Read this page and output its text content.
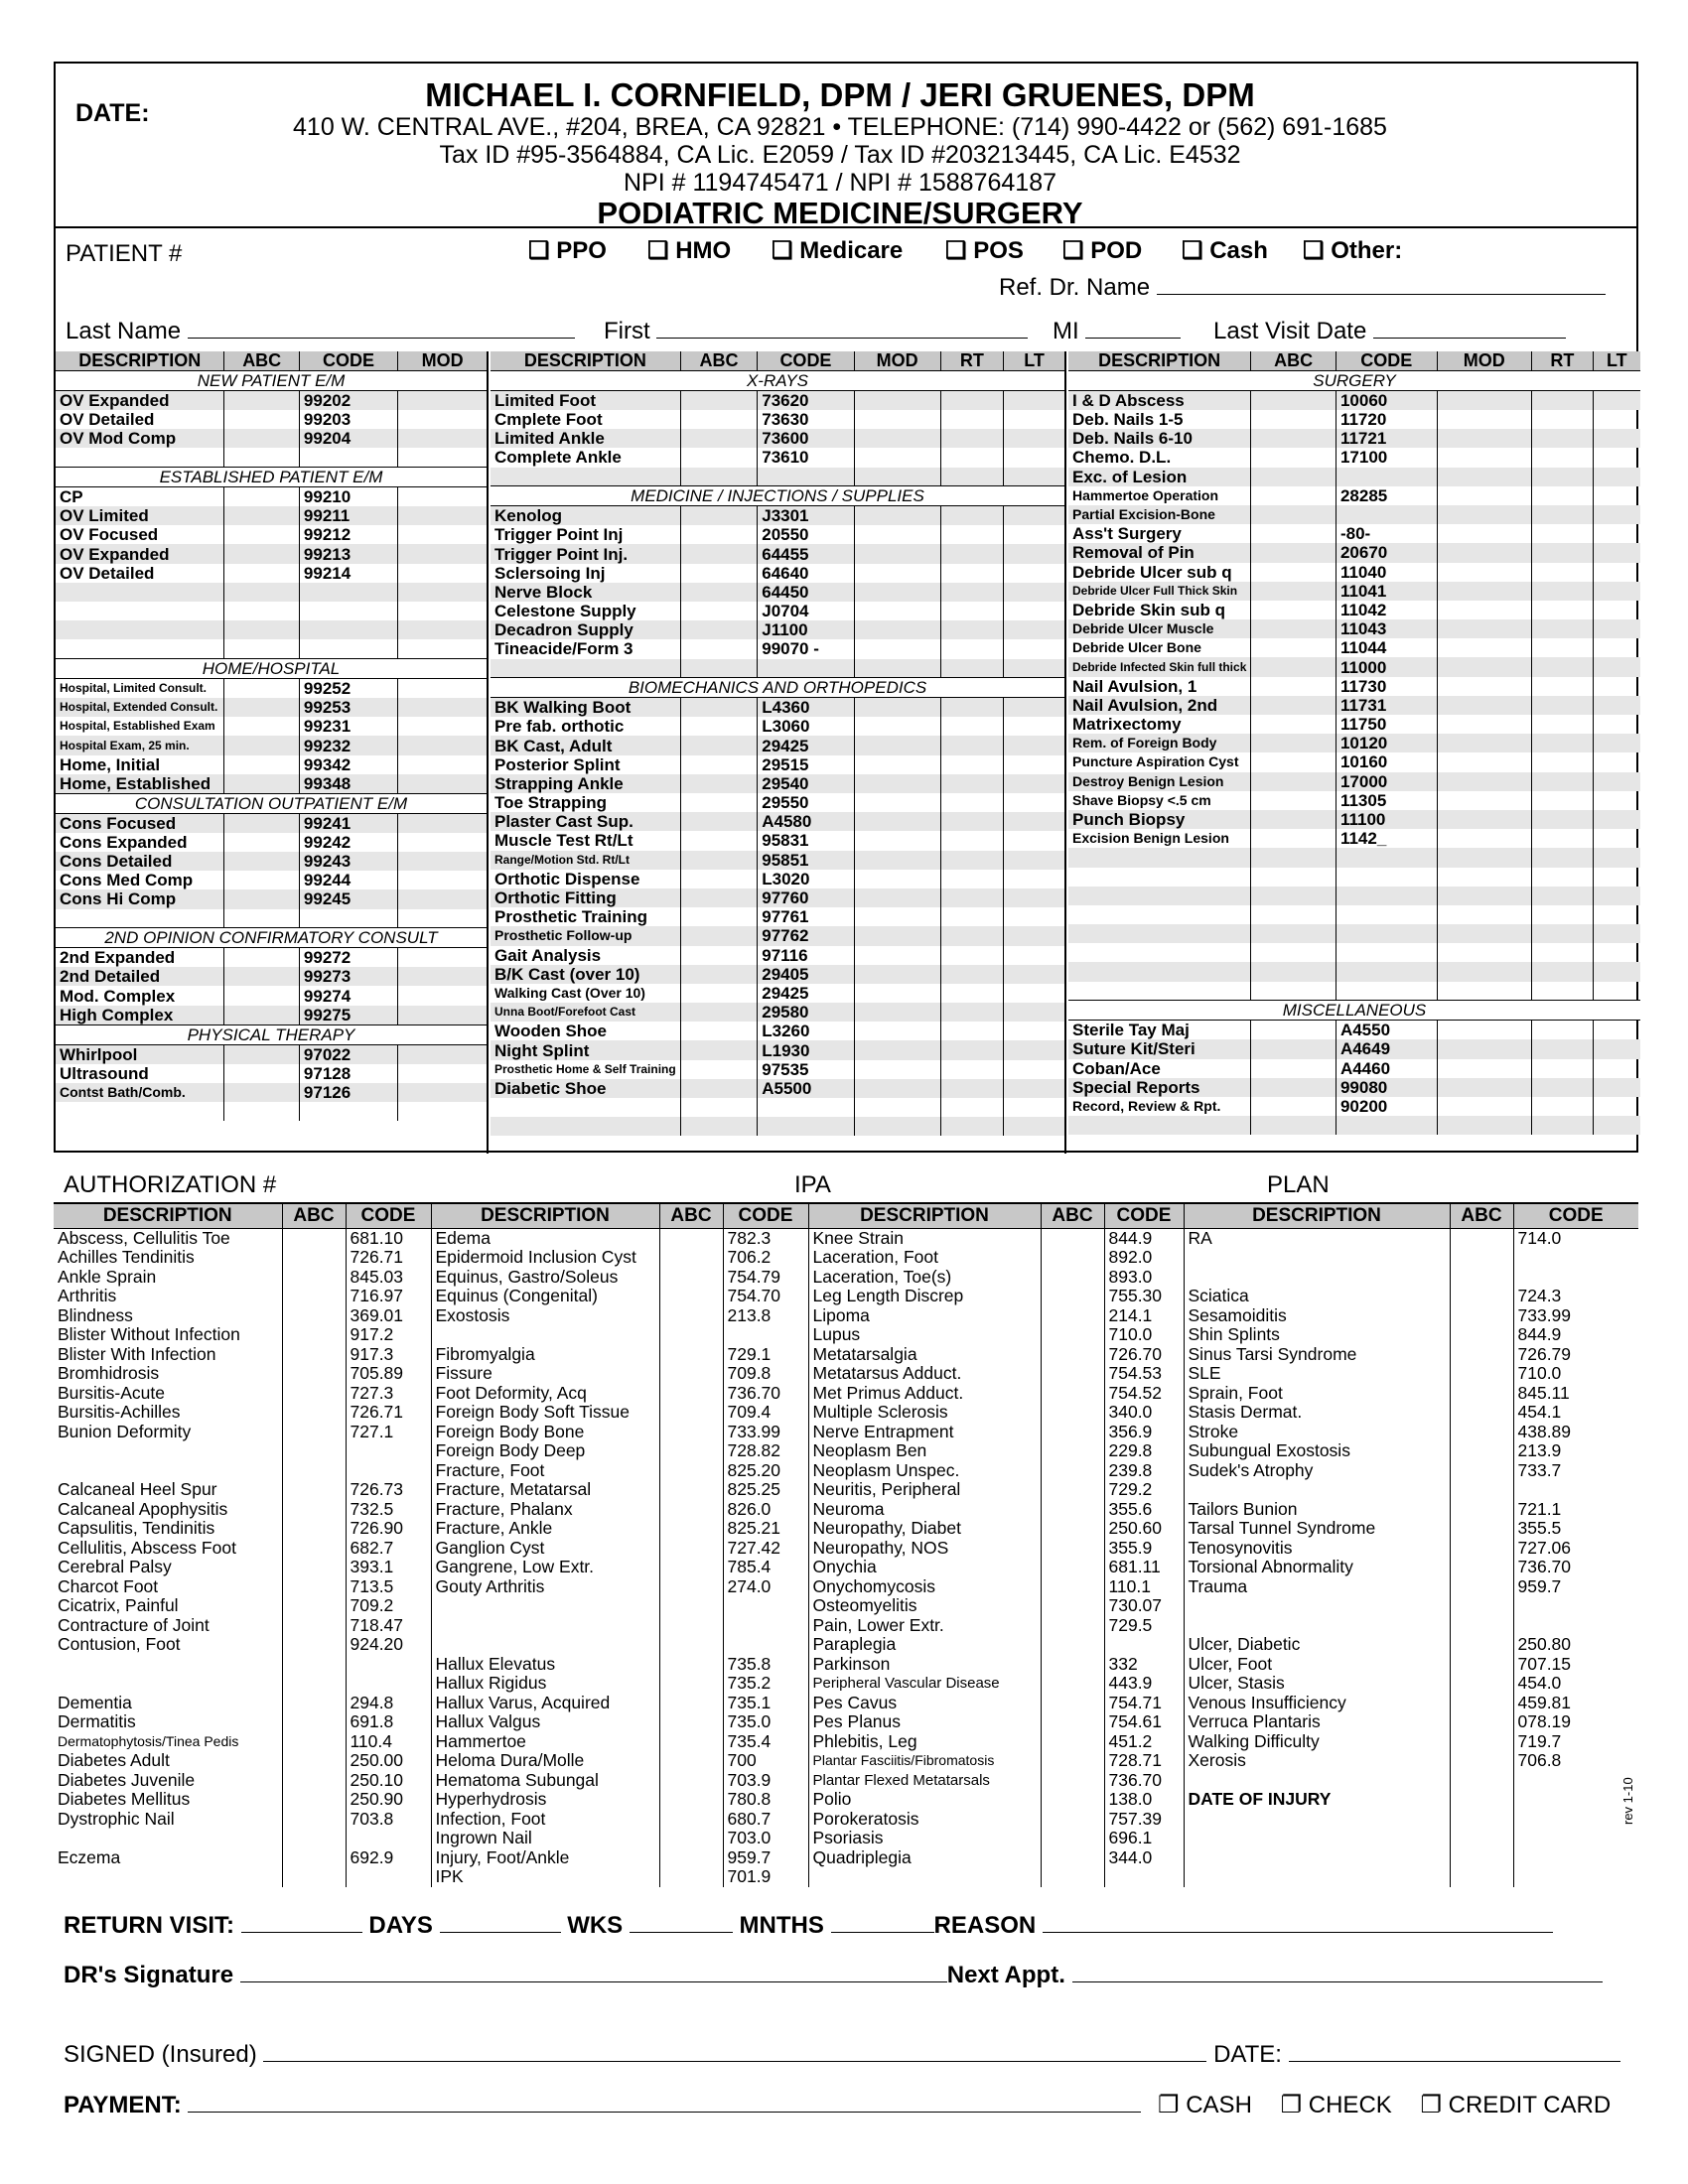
DATE:	MICHAEL I. CORNFIELD, DPM / JERI GRUENES, DPM
410 W. CENTRAL AVE., #204, BREA, CA 92821 • TELEPHONE: (714) 990-4422 or (562) 691-1685
Tax ID #95-3564884, CA Lic. E2059 / Tax ID #203213445, CA Lic. E4532
NPI # 1194745471 / NPI # 1588764187
PODIATRIC MEDICINE/SURGERY
PATIENT #	❑ PPO ❑ HMO ❑ Medicare ❑ POS ❑ POD ❑ Cash ❑ Other:
Ref. Dr. Name
Last Name	First	MI	Last Visit Date
DESCRIPTION	ABC	CODE	MOD
NEW PATIENT E/M			
OV Expanded		99202	
OV Detailed		99203	
OV Mod Comp		99204	

ESTABLISHED PATIENT E/M			
CP		99210	
OV Limited		99211	
OV Focused		99212	
OV Expanded		99213	
OV Detailed		99214	

HOME/HOSPITAL			
Hospital, Limited Consult.		99252	
Hospital, Extended Consult.		99253	
Hospital, Established Exam		99231	
Hospital Exam, 25 min.		99232	
Home, Initial		99342	
Home, Established		99348	
CONSULTATION OUTPATIENT E/M			
Cons Focused		99241	
Cons Expanded		99242	
Cons Detailed		99243	
Cons Med Comp		99244	
Cons Hi Comp		99245	

2ND OPINION CONFIRMATORY CONSULT			
2nd Expanded		99272	
2nd Detailed		99273	
Mod. Complex		99274	
High Complex		99275	
PHYSICAL THERAPY			
Whirlpool		97022	
Ultrasound		97128	
Contst Bath/Comb.		97126	

DESCRIPTION	ABC	CODE	MOD	RT	LT
X-RAYS					
Limited Foot		73620			
Cmplete Foot		73630			
Limited Ankle		73600			
Complete Ankle		73610			

MEDICINE / INJECTIONS / SUPPLIES					
Kenolog		J3301			
Trigger Point Inj		20550			
Trigger Point Inj.		64455			
Sclersoing Inj		64640			
Nerve Block		64450			
Celestone Supply		J0704			
Decadron Supply		J1100			
Tineacide/Form 3		99070 -			

BIOMECHANICS AND ORTHOPEDICS					
BK Walking Boot		L4360			
Pre fab. orthotic		L3060			
BK Cast, Adult		29425			
Posterior Splint		29515			
Strapping Ankle		29540			
Toe Strapping		29550			
Plaster Cast Sup.		A4580			
Muscle Test Rt/Lt		95831			
Range/Motion Std. Rt/Lt		95851			
Orthotic Dispense		L3020			
Orthotic Fitting		97760			
Prosthetic Training		97761			
Prosthetic Follow-up		97762			
Gait Analysis		97116			
B/K Cast (over 10)		29405			
Walking Cast (Over 10)		29425			
Unna Boot/Forefoot Cast		29580			
Wooden Shoe		L3260			
Night Splint		L1930			
Prosthetic Home & Self Training		97535			
Diabetic Shoe		A5500			

DESCRIPTION	ABC	CODE	MOD	RT	LT
SURGERY					
I & D Abscess		10060			
Deb. Nails 1-5		11720			
Deb. Nails 6-10		11721			
Chemo. D.L.		17100			
Exc. of Lesion					
Hammertoe Operation		28285			
Partial Excision-Bone					
Ass't Surgery		-80-			
Removal of Pin		20670			
Debride Ulcer sub q		11040			
Debride Ulcer Full Thick Skin		11041			
Debride Skin sub q		11042			
Debride Ulcer Muscle		11043			
Debride Ulcer Bone		11044			
Debride Infected Skin full thick		11000			
Nail Avulsion, 1		11730			
Nail Avulsion, 2nd		11731			
Matrixectomy		11750			
Rem. of Foreign Body		10120			
Puncture Aspiration Cyst		10160			
Destroy Benign Lesion		17000			
Shave Biopsy <.5 cm		11305			
Punch Biopsy		11100			
Excision Benign Lesion		1142_			

MISCELLANEOUS					
Sterile Tay Maj		A4550			
Suture Kit/Steri		A4649			
Coban/Ace		A4460			
Special Reports		99080			
Record, Review & Rpt.		90200			

AUTHORIZATION #	IPA	PLAN
DESCRIPTION	ABC	CODE	DESCRIPTION	ABC	CODE	DESCRIPTION	ABC	CODE	DESCRIPTION	ABC	CODE
Abscess, Cellulitis Toe		681.10	Edema		782.3	Knee Strain		844.9	RA		714.0
Achilles Tendinitis		726.71	Epidermoid Inclusion Cyst		706.2	Laceration, Foot		892.0			
Ankle Sprain		845.03	Equinus, Gastro/Soleus		754.79	Laceration, Toe(s)		893.0			
Arthritis		716.97	Equinus (Congenital)		754.70	Leg Length Discrep		755.30	Sciatica		724.3
Blindness		369.01	Exostosis		213.8	Lipoma		214.1	Sesamoiditis		733.99
Blister Without Infection		917.2				Lupus		710.0	Shin Splints		844.9
Blister With Infection		917.3	Fibromyalgia		729.1	Metatarsalgia		726.70	Sinus Tarsi Syndrome		726.79
Bromhidrosis		705.89	Fissure		709.8	Metatarsus Adduct.		754.53	SLE		710.0
Bursitis-Acute		727.3	Foot Deformity, Acq		736.70	Met Primus Adduct.		754.52	Sprain, Foot		845.11
Bursitis-Achilles		726.71	Foreign Body Soft Tissue		709.4	Multiple Sclerosis		340.0	Stasis Dermat.		454.1
Bunion Deformity		727.1	Foreign Body Bone		733.99	Nerve Entrapment		356.9	Stroke		438.89
			Foreign Body Deep		728.82	Neoplasm Ben		229.8	Subungual Exostosis		213.9
			Fracture, Foot		825.20	Neoplasm Unspec.		239.8	Sudek's Atrophy		733.7
Calcaneal Heel Spur		726.73	Fracture, Metatarsal		825.25	Neuritis, Peripheral		729.2			
Calcaneal Apophysitis		732.5	Fracture, Phalanx		826.0	Neuroma		355.6	Tailors Bunion		721.1
Capsulitis, Tendinitis		726.90	Fracture, Ankle		825.21	Neuropathy, Diabet		250.60	Tarsal Tunnel Syndrome		355.5
Cellulitis, Abscess Foot		682.7	Ganglion Cyst		727.42	Neuropathy, NOS		355.9	Tenosynovitis		727.06
Cerebral Palsy		393.1	Gangrene, Low Extr.		785.4	Onychia		681.11	Torsional Abnormality		736.70
Charcot Foot		713.5	Gouty Arthritis		274.0	Onychomycosis		110.1	Trauma		959.7
Cicatrix, Painful		709.2				Osteomyelitis		730.07			
Contracture of Joint		718.47				Pain, Lower Extr.		729.5			
Contusion, Foot		924.20				Paraplegia			Ulcer, Diabetic		250.80
			Hallux Elevatus		735.8	Parkinson		332	Ulcer, Foot		707.15
			Hallux Rigidus		735.2	Peripheral Vascular Disease		443.9	Ulcer, Stasis		454.0
Dementia		294.8	Hallux Varus, Acquired		735.1	Pes Cavus		754.71	Venous Insufficiency		459.81
Dermatitis		691.8	Hallux Valgus		735.0	Pes Planus		754.61	Verruca Plantaris		078.19
Dermatophytosis/Tinea Pedis		110.4	Hammertoe		735.4	Phlebitis, Leg		451.2	Walking Difficulty		719.7
Diabetes Adult		250.00	Heloma Dura/Molle		700	Plantar Fasciitis/Fibromatosis		728.71	Xerosis		706.8
Diabetes Juvenile		250.10	Hematoma Subungal		703.9	Plantar Flexed Metatarsals		736.70			
Diabetes Mellitus		250.90	Hyperhydrosis		780.8	Polio		138.0	DATE OF INJURY		
Dystrophic Nail		703.8	Infection, Foot		680.7	Porokeratosis		757.39			
			Ingrown Nail		703.0	Psoriasis		696.1			
Eczema		692.9	Injury, Foot/Ankle		959.7	Quadriplegia		344.0			
			IPK		701.9						
rev 1-10
RETURN VISIT:	DAYS	WKS	MNTHS	REASON
DR's Signature	Next Appt.
SIGNED (Insured)	DATE:
PAYMENT:	❐ CASH ❐ CHECK ❐ CREDIT CARD
